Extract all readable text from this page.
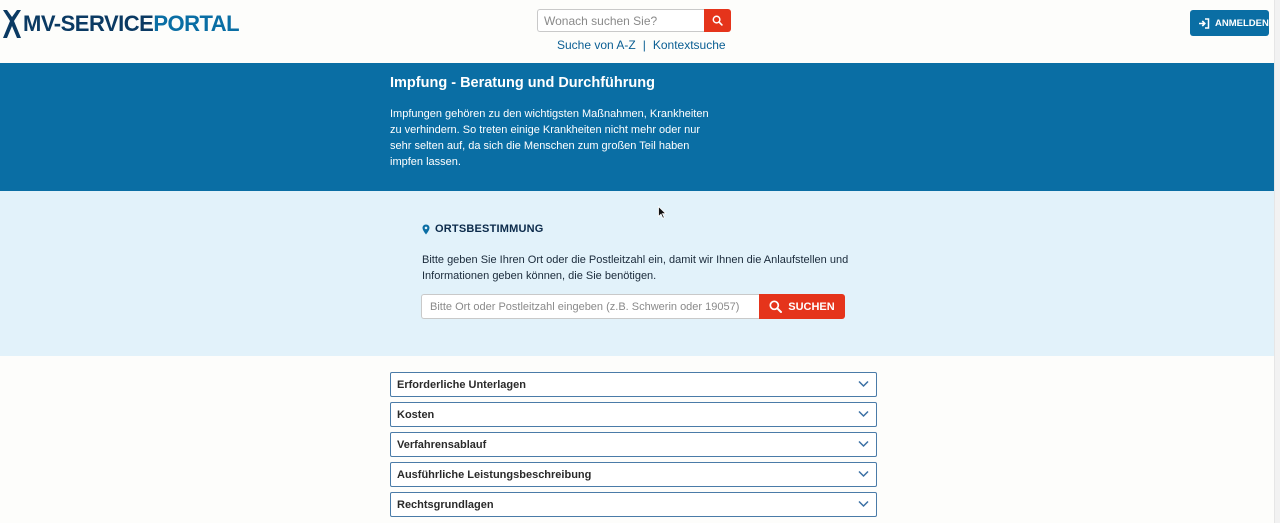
MV-SERVICEPORTAL
Wonach suchen Sie?
Suche von A-Z | Kontextsuche
ANMELDEN
Impfung - Beratung und Durchführung
Impfungen gehören zu den wichtigsten Maßnahmen, Krankheiten zu verhindern. So treten einige Krankheiten nicht mehr oder nur sehr selten auf, da sich die Menschen zum großen Teil haben impfen lassen.
ORTSBESTIMMUNG
Bitte geben Sie Ihren Ort oder die Postleitzahl ein, damit wir Ihnen die Anlaufstellen und Informationen geben können, die Sie benötigen.
Bitte Ort oder Postleitzahl eingeben (z.B. Schwerin oder 19057)
SUCHEN
Erforderliche Unterlagen
Kosten
Verfahrensablauf
Ausführliche Leistungsbeschreibung
Rechtsgrundlagen
